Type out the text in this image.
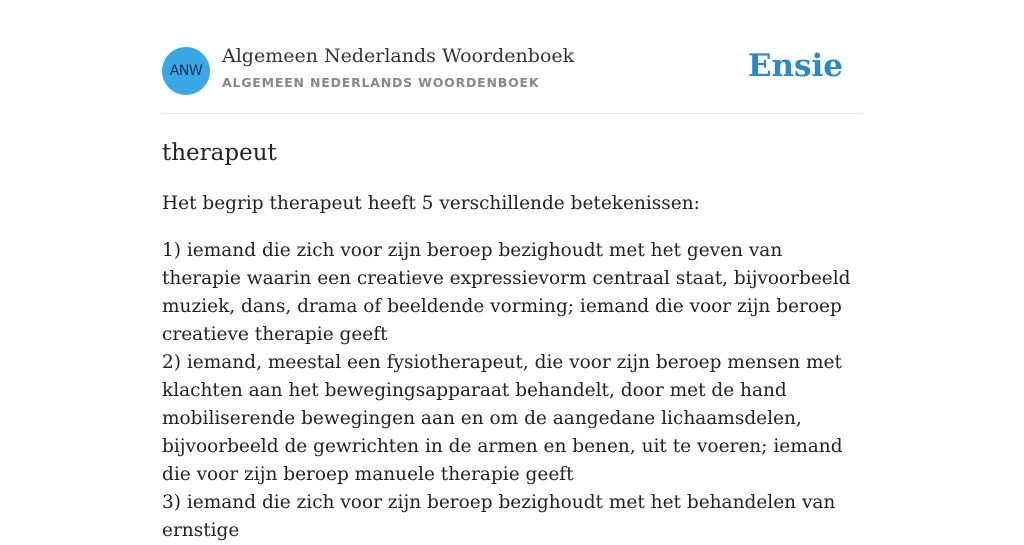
ANW
Algemeen Nederlands Woordenboek
ALGEMEEN NEDERLANDS WOORDENBOEK	Ensie
therapeut

Het begrip therapeut heeft 5 verschillende betekenissen:

1) iemand die zich voor zijn beroep bezighoudt met het geven van therapie waarin een creatieve expressievorm centraal staat, bijvoorbeeld muziek, dans, drama of beeldende vorming; iemand die voor zijn beroep creatieve therapie geeft
2) iemand, meestal een fysiotherapeut, die voor zijn beroep mensen met klachten aan het bewegingsapparaat behandelt, door met de hand mobiliserende bewegingen aan en om de aangedane lichaamsdelen, bijvoorbeeld de gewrichten in de armen en benen, uit te voeren; iemand die voor zijn beroep manuele therapie geeft
3) iemand die zich voor zijn beroep bezighoudt met het behandelen van ernstige
